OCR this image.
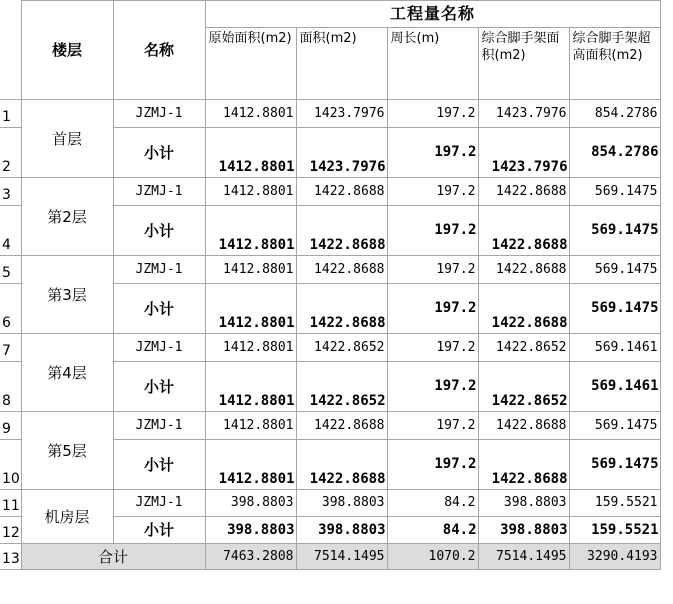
	楼层	名称	工程量名称				
			原始面积(m2)	面积(m2)	周长(m)	综合脚手架面积(m2)	综合脚手架超高面积(m2)
1	首层	JZMJ-1	1412.8801	1423.7976	197.2	1423.7976	854.2786
2		小计	1412.8801	1423.7976	197.2	1423.7976	854.2786
3	第2层	JZMJ-1	1412.8801	1422.8688	197.2	1422.8688	569.1475
4		小计	1412.8801	1422.8688	197.2	1422.8688	569.1475
5	第3层	JZMJ-1	1412.8801	1422.8688	197.2	1422.8688	569.1475
6		小计	1412.8801	1422.8688	197.2	1422.8688	569.1475
7	第4层	JZMJ-1	1412.8801	1422.8652	197.2	1422.8652	569.1461
8		小计	1412.8801	1422.8652	197.2	1422.8652	569.1461
9	第5层	JZMJ-1	1412.8801	1422.8688	197.2	1422.8688	569.1475
10		小计	1412.8801	1422.8688	197.2	1422.8688	569.1475
11	机房层	JZMJ-1	398.8803	398.8803	84.2	398.8803	159.5521
12		小计	398.8803	398.8803	84.2	398.8803	159.5521
13	合计		7463.2808	7514.1495	1070.2	7514.1495	3290.4193
